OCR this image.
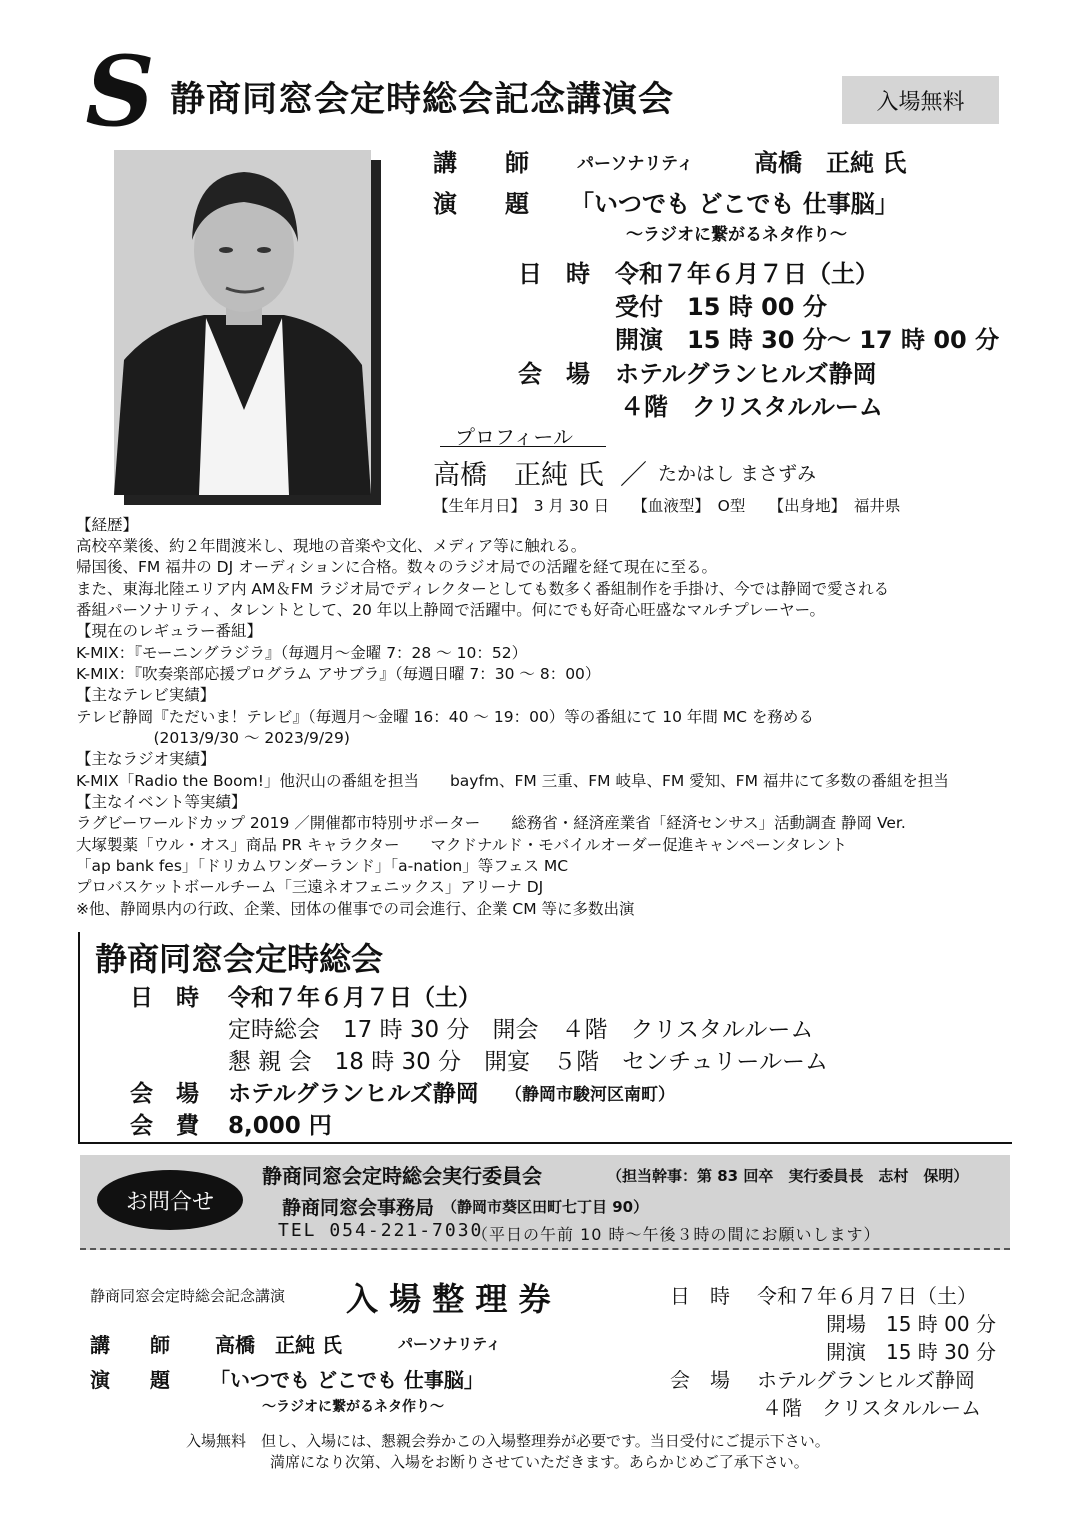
S 静商同窓会定時総会記念講演会	入場無料
講　　師	パーソナリティ	高橋　正純 氏
演　　題 「いつでも どこでも 仕事脳」
〜ラジオに繋がるネタ作り〜
日　時 令和７年６月７日（土）
受付　15 時 00 分
開演　15 時 30 分〜 17 時 00 分
会　場 ホテルグランヒルズ静岡
４階　クリスタルルーム
プロフィール
高橋　正純 氏 ／ たかはし まさずみ
【生年月日】　3 月 30 日　　【血液型】　O型　　【出身地】　福井県
【経歴】
高校卒業後、約２年間渡米し、現地の音楽や文化、メディア等に触れる。
帰国後、FM 福井の DJ オーディションに合格。数々のラジオ局での活躍を経て現在に至る。
また、東海北陸エリア内 AM＆FM ラジオ局でディレクターとしても数多く番組制作を手掛け、今では静岡で愛される
番組パーソナリティ、タレントとして、20 年以上静岡で活躍中。何にでも好奇心旺盛なマルチプレーヤー。
【現在のレギュラー番組】
K-MIX：『モーニングラジラ』（毎週月〜金曜 7：28 〜 10：52）
K-MIX：『吹奏楽部応援プログラム アサブラ』（毎週日曜 7：30 〜 8：00）
【主なテレビ実績】
テレビ静岡『ただいま！テレビ』（毎週月〜金曜 16：40 〜 19：00）等の番組にて 10 年間 MC を務める
　　　　　(2013/9/30 〜 2023/9/29)
【主なラジオ実績】
K-MIX「Radio the Boom!」他沢山の番組を担当　　bayfm、FM 三重、FM 岐阜、FM 愛知、FM 福井にて多数の番組を担当
【主なイベント等実績】
ラグビーワールドカップ 2019 ／開催都市特別サポーター　　総務省・経済産業省「経済センサス」活動調査 静岡 Ver.
大塚製薬「ウル・オス」商品 PR キャラクター　　マクドナルド・モバイルオーダー促進キャンペーンタレント
「ap bank fes」「ドリカムワンダーランド」「a-nation」等フェス MC
プロバスケットボールチーム「三遠ネオフェニックス」アリーナ DJ
※他、静岡県内の行政、企業、団体の催事での司会進行、企業 CM 等に多数出演
静商同窓会定時総会
日　時 令和７年６月７日（土）
定時総会　17 時 30 分　開会　４階　クリスタルルーム
懇 親 会　18 時 30 分　開宴　５階　センチュリールーム
会　場 ホテルグランヒルズ静岡 （静岡市駿河区南町）
会　費 8,000 円
お問合せ
静商同窓会定時総会実行委員会	（担当幹事：第 83 回卒　実行委員長　志村　保明）
静商同窓会事務局 （静岡市葵区田町七丁目 90）
TEL 054-221-7030
（平日の午前 10 時〜午後３時の間にお願いします）
静商同窓会定時総会記念講演 入 場 整 理 券
講　　師 高橋　正純 氏	パーソナリティ
演　　題 「いつでも どこでも 仕事脳」
〜ラジオに繋がるネタ作り〜
日　時 令和７年６月７日（土）
開場　15 時 00 分
開演　15 時 30 分
会　場 ホテルグランヒルズ静岡
４階　クリスタルルーム
入場無料　但し、入場には、懇親会券かこの入場整理券が必要です。当日受付にご提示下さい。
満席になり次第、入場をお断りさせていただきます。あらかじめご了承下さい。
